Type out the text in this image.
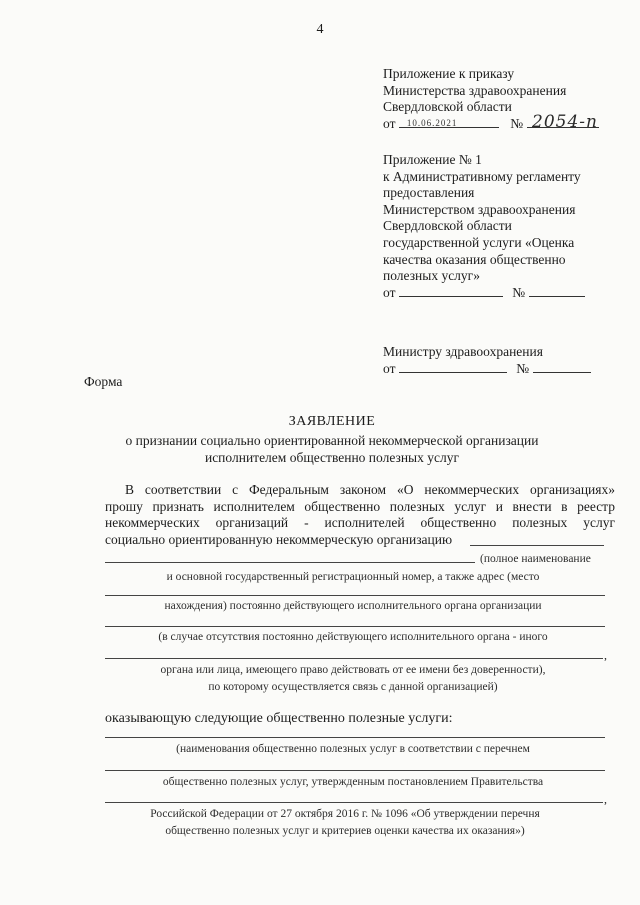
4
Приложение к приказу
Министерства здравоохранения
Свердловской области
от 10.06.2021	№ 2054-п
Приложение № 1
к Административному регламенту
предоставления
Министерством здравоохранения
Свердловской области
государственной услуги «Оценка
качества оказания общественно
полезных услуг»
от	№
Министру здравоохранения
от	№
Форма
ЗАЯВЛЕНИЕ
о признании социально ориентированной некоммерческой организации
исполнителем общественно полезных услуг
В соответствии с Федеральным законом «О некоммерческих организациях»
прошу признать исполнителем общественно полезных услуг и внести в реестр
некоммерческих организаций - исполнителей общественно полезных услуг
социально ориентированную некоммерческую организацию
(полное наименование
и основной государственный регистрационный номер, а также адрес (место
нахождения) постоянно действующего исполнительного органа организации
(в случае отсутствия постоянно действующего исполнительного органа - иного
,
органа или лица, имеющего право действовать от ее имени без доверенности),
по которому осуществляется связь с данной организацией)
оказывающую следующие общественно полезные услуги:
(наименования общественно полезных услуг в соответствии с перечнем
общественно полезных услуг, утвержденным постановлением Правительства
,
Российской Федерации от 27 октября 2016 г. № 1096 «Об утверждении перечня
общественно полезных услуг и критериев оценки качества их оказания»)
